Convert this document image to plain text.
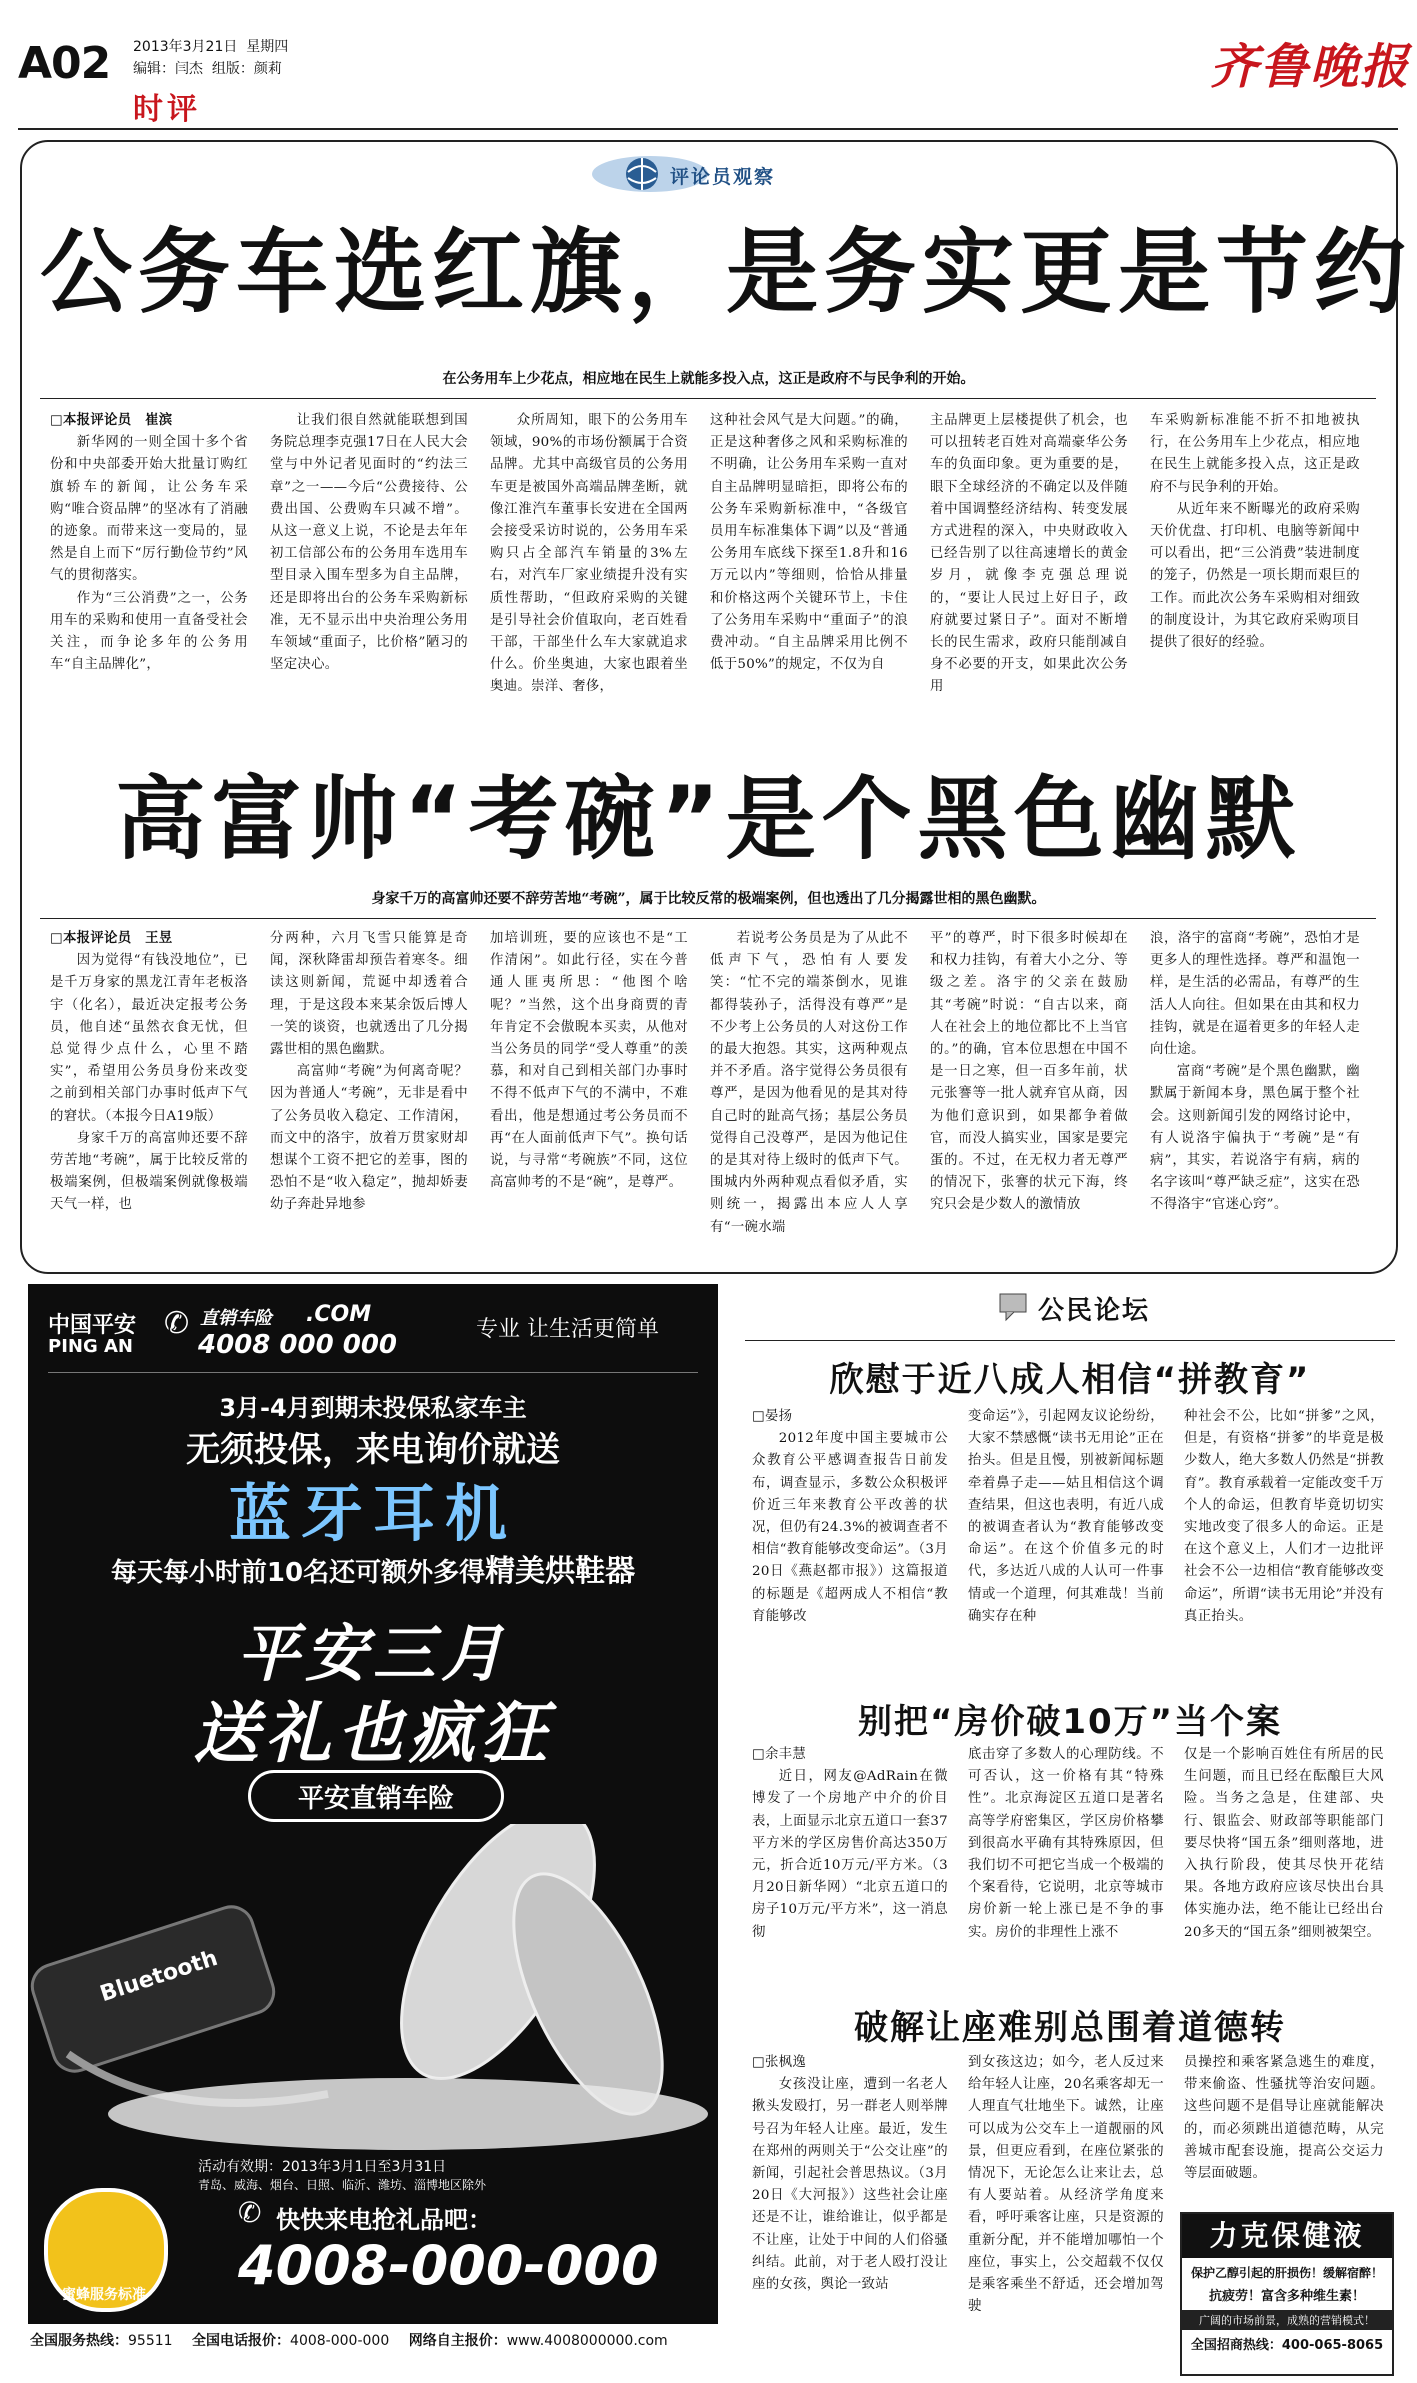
A02 2013年3月21日 星期四
编辑：闫杰 组版：颜莉
时评
齐鲁晚报
评论员观察
公务车选红旗，是务实更是节约
在公务用车上少花点，相应地在民生上就能多投入点，这正是政府不与民争利的开始。

□本报评论员　崔滨

新华网的一则全国十多个省份和中央部委开始大批量订购红旗轿车的新闻，让公务车采购“唯合资品牌”的坚冰有了消融的迹象。而带来这一变局的，显然是自上而下“厉行勤俭节约”风气的贯彻落实。

作为“三公消费”之一，公务用车的采购和使用一直备受社会关注，而争论多年的公务用车“自主品牌化”，

让我们很自然就能联想到国务院总理李克强17日在人民大会堂与中外记者见面时的“约法三章”之一——今后“公费接待、公费出国、公费购车只减不增”。从这一意义上说，不论是去年年初工信部公布的公务用车选用车型目录入围车型多为自主品牌，还是即将出台的公务车采购新标准，无不显示出中央治理公务用车领域“重面子，比价格”陋习的坚定决心。

众所周知，眼下的公务用车领域，90%的市场份额属于合资品牌。尤其中高级官员的公务用车更是被国外高端品牌垄断，就像江淮汽车董事长安进在全国两会接受采访时说的，公务用车采购只占全部汽车销量的3%左右，对汽车厂家业绩提升没有实质性帮助，“但政府采购的关键是引导社会价值取向，老百姓看干部，干部坐什么车大家就追求什么。价坐奥迪，大家也跟着坐奥迪。崇洋、奢侈，

这种社会风气是大问题。”的确，正是这种奢侈之风和采购标准的不明确，让公务用车采购一直对自主品牌明显暗拒，即将公布的公务车采购新标准中，“各级官员用车标准集体下调”以及“普通公务用车底线下探至1.8升和16万元以内”等细则，恰恰从排量和价格这两个关键环节上，卡住了公务用车采购中“重面子”的浪费冲动。“自主品牌采用比例不低于50%”的规定，不仅为自

主品牌更上层楼提供了机会，也可以扭转老百姓对高端豪华公务车的负面印象。更为重要的是，眼下全球经济的不确定以及伴随着中国调整经济结构、转变发展方式进程的深入，中央财政收入已经告别了以往高速增长的黄金岁月，就像李克强总理说的，“要让人民过上好日子，政府就要过紧日子”。面对不断增长的民生需求，政府只能削减自身不必要的开支，如果此次公务用

车采购新标准能不折不扣地被执行，在公务用车上少花点，相应地在民生上就能多投入点，这正是政府不与民争利的开始。

从近年来不断曝光的政府采购天价优盘、打印机、电脑等新闻中可以看出，把“三公消费”装进制度的笼子，仍然是一项长期而艰巨的工作。而此次公务车采购相对细致的制度设计，为其它政府采购项目提供了很好的经验。

高富帅“考碗”是个黑色幽默
身家千万的高富帅还要不辞劳苦地“考碗”，属于比较反常的极端案例，但也透出了几分揭露世相的黑色幽默。

□本报评论员　王昱

因为觉得“有钱没地位”，已是千万身家的黑龙江青年老板洛宇（化名），最近决定报考公务员，他自述“虽然衣食无忧，但总觉得少点什么，心里不踏实”，希望用公务员身份来改变之前到相关部门办事时低声下气的窘状。（本报今日A19版）

身家千万的高富帅还要不辞劳苦地“考碗”，属于比较反常的极端案例，但极端案例就像极端天气一样，也

分两种，六月飞雪只能算是奇闻，深秋降雷却预告着寒冬。细读这则新闻，荒诞中却透着合理，于是这段本来某余饭后博人一笑的谈资，也就透出了几分揭露世相的黑色幽默。

高富帅“考碗”为何离奇呢？因为普通人“考碗”，无非是看中了公务员收入稳定、工作清闲，而文中的洛宇，放着万贯家财却想谋个工资不把它的差事，图的恐怕不是“收入稳定”，抛却娇妻幼子奔赴异地参

加培训班，要的应该也不是“工作清闲”。如此行径，实在今普通人匪夷所思：“他图个啥呢？”当然，这个出身商贾的青年肯定不会傲睨本买卖，从他对当公务员的同学“受人尊重”的羡慕，和对自己到相关部门办事时不得不低声下气的不满中，不难看出，他是想通过考公务员而不再“在人面前低声下气”。换句话说，与寻常“考碗族”不同，这位高富帅考的不是“碗”，是尊严。

若说考公务员是为了从此不低声下气，恐怕有人要发笑：“忙不完的端茶倒水，见谁都得装孙子，活得没有尊严”是不少考上公务员的人对这份工作的最大抱怨。其实，这两种观点并不矛盾。洛宇觉得公务员很有尊严，是因为他看见的是其对待自己时的趾高气扬；基层公务员觉得自己没尊严，是因为他记住的是其对待上级时的低声下气。围城内外两种观点看似矛盾，实则统一，揭露出本应人人享有“一碗水端

平”的尊严，时下很多时候却在和权力挂钩，有着大小之分、等级之差。洛宇的父亲在鼓励其“考碗”时说：“自古以来，商人在社会上的地位都比不上当官的。”的确，官本位思想在中国不是一日之寒，但一百多年前，状元张謇等一批人就弃官从商，因为他们意识到，如果都争着做官，而没人搞实业，国家是要完蛋的。不过，在无权力者无尊严的情况下，张謇的状元下海，终究只会是少数人的激情放

浪，洛宇的富商“考碗”，恐怕才是更多人的理性选择。尊严和温饱一样，是生活的必需品，有尊严的生活人人向往。但如果在由其和权力挂钩，就是在逼着更多的年轻人走向仕途。

富商“考碗”是个黑色幽默，幽默属于新闻本身，黑色属于整个社会。这则新闻引发的网络讨论中，有人说洛宇偏执于“考碗”是“有病”，其实，若说洛宇有病，病的名字该叫“尊严缺乏症”，这实在恐不得洛宇“官迷心窍”。

中国平安
PING AN
✆ 直销车险 .COM
4008 000 000
专业 让生活更简单
3月-4月到期未投保私家车主
无须投保，来电询价就送
蓝牙耳机
每天每小时前10名还可额外多得精美烘鞋器
平安三月
送礼也疯狂
平安直销车险
Bluetooth
活动有效期：2013年3月1日至3月31日
青岛、威海、烟台、日照、临沂、潍坊、淄博地区除外
✆ 快快来电抢礼品吧：
4008-000-000
蜜蜂服务标准
全国服务热线：95511 全国电话报价：4008-000-000 网络自主报价：www.4008000000.com
公民论坛
欣慰于近八成人相信“拼教育”

□晏扬

2012年度中国主要城市公众教育公平感调查报告日前发布，调查显示，多数公众积极评价近三年来教育公平改善的状况，但仍有24.3%的被调查者不相信“教育能够改变命运”。（3月20日《燕赵都市报》）这篇报道的标题是《超两成人不相信“教育能够改

变命运”》，引起网友议论纷纷，大家不禁感慨“读书无用论”正在抬头。但是且慢，别被新闻标题牵着鼻子走——姑且相信这个调查结果，但这也表明，有近八成的被调查者认为“教育能够改变命运”。在这个价值多元的时代，多达近八成的人认可一件事情或一个道理，何其难哉！当前确实存在种

种社会不公，比如“拼爹”之风，但是，有资格“拼爹”的毕竟是极少数人，绝大多数人仍然是“拼教育”。教育承载着一定能改变千万个人的命运，但教育毕竟切切实实地改变了很多人的命运。正是在这个意义上，人们才一边批评社会不公一边相信“教育能够改变命运”，所谓“读书无用论”并没有真正抬头。

别把“房价破10万”当个案

□余丰慧

近日，网友@AdRain在微博发了一个房地产中介的价目表，上面显示北京五道口一套37平方米的学区房售价高达350万元，折合近10万元/平方米。（3月20日新华网）“北京五道口的房子10万元/平方米”，这一消息彻

底击穿了多数人的心理防线。不可否认，这一价格有其“特殊性”。北京海淀区五道口是著名高等学府密集区，学区房价格攀到很高水平确有其特殊原因，但我们切不可把它当成一个极端的个案看待，它说明，北京等城市房价新一轮上涨已是不争的事实。房价的非理性上涨不

仅是一个影响百姓住有所居的民生问题，而且已经在酝酿巨大风险。当务之急是，住建部、央行、银监会、财政部等职能部门要尽快将“国五条”细则落地，进入执行阶段，使其尽快开花结果。各地方政府应该尽快出台具体实施办法，绝不能让已经出台20多天的“国五条”细则被架空。

破解让座难别总围着道德转

□张枫逸

女孩没让座，遭到一名老人揪头发殴打，另一群老人则举牌号召为年轻人让座。最近，发生在郑州的两则关于“公交让座”的新闻，引起社会普思热议。（3月20日《大河报》）这些社会让座还是不让，谁给谁让，似乎都是不让座，让处于中间的人们俗骚纠结。此前，对于老人殴打没让座的女孩，舆论一致站

到女孩这边；如今，老人反过来给年轻人让座，20名乘客却无一人理直气壮地坐下。诚然，让座可以成为公交车上一道靓丽的风景，但更应看到，在座位紧张的情况下，无论怎么让来让去，总有人要站着。从经济学角度来看，呼吁乘客让座，只是资源的重新分配，并不能增加哪怕一个座位，事实上，公交超载不仅仅是乘客乘坐不舒适，还会增加驾驶

员操控和乘客紧急逃生的难度，带来偷盗、性骚扰等治安问题。这些问题不是倡导让座就能解决的，而必须跳出道德范畴，从完善城市配套设施，提高公交运力等层面破题。

力克保健液
保护乙醇引起的肝损伤！缓解宿醉！
抗疲劳！富含多种维生素！
广阔的市场前景，成熟的营销模式！
全国招商热线：400-065-8065
